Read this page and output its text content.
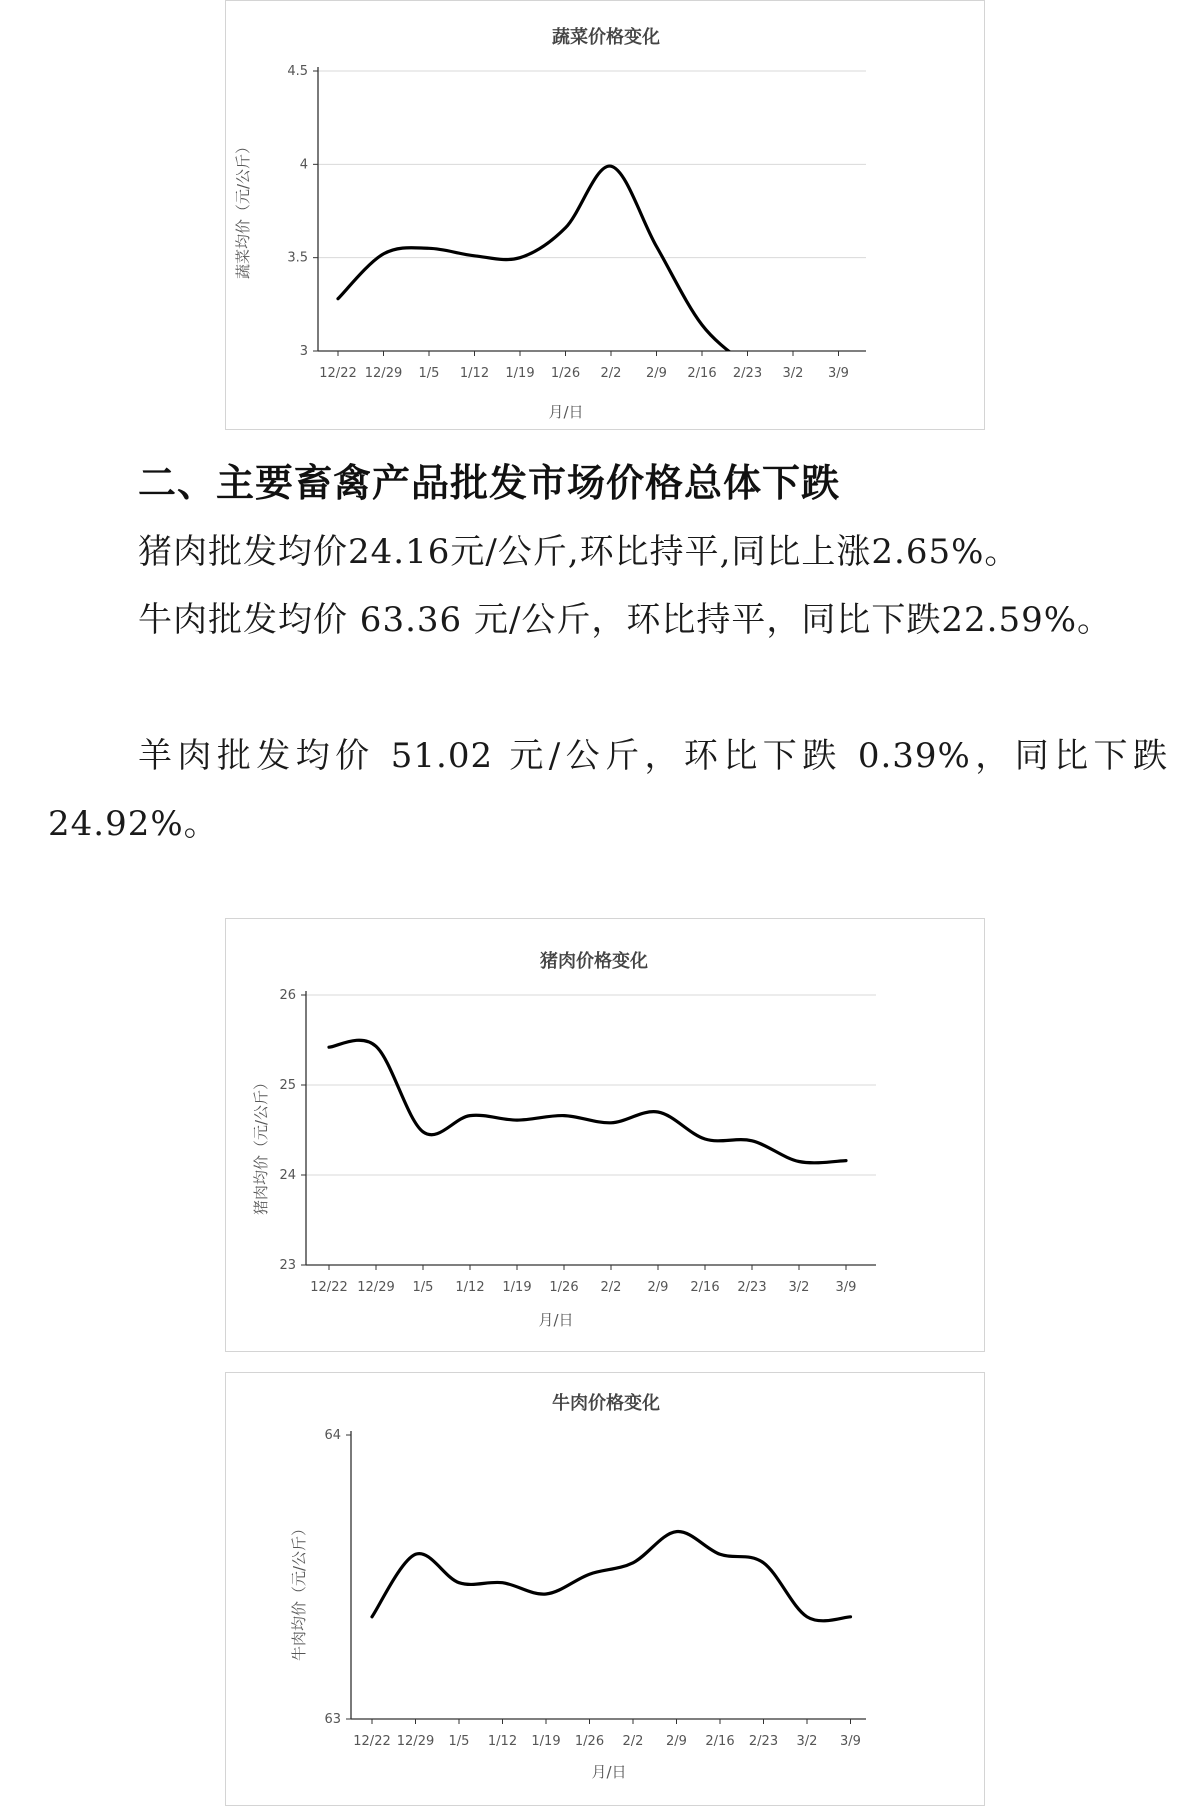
蔬菜价格变化
蔬菜均价（元/公斤）
月/日
3
3.5
4
4.5
12/22 12/29 1/5 1/12 1/19 1/26 2/2 2/9 2/16 2/23 3/2 3/9
二、主要畜禽产品批发市场价格总体下跌

猪肉批发均价24.16元/公斤,环比持平,同比上涨2.65%。

牛肉批发均价 63.36 元/公斤，环比持平，同比下跌22.59%。

羊肉批发均价 51.02 元/公斤，环比下跌 0.39%，同比下跌 24.92%。

猪肉价格变化
猪肉均价（元/公斤）
月/日
23
24
25
26
12/22 12/29 1/5 1/12 1/19 1/26 2/2 2/9 2/16 2/23 3/2 3/9
牛肉价格变化
牛肉均价（元/公斤）
月/日
63
64
12/22 12/29 1/5 1/12 1/19 1/26 2/2 2/9 2/16 2/23 3/2 3/9
